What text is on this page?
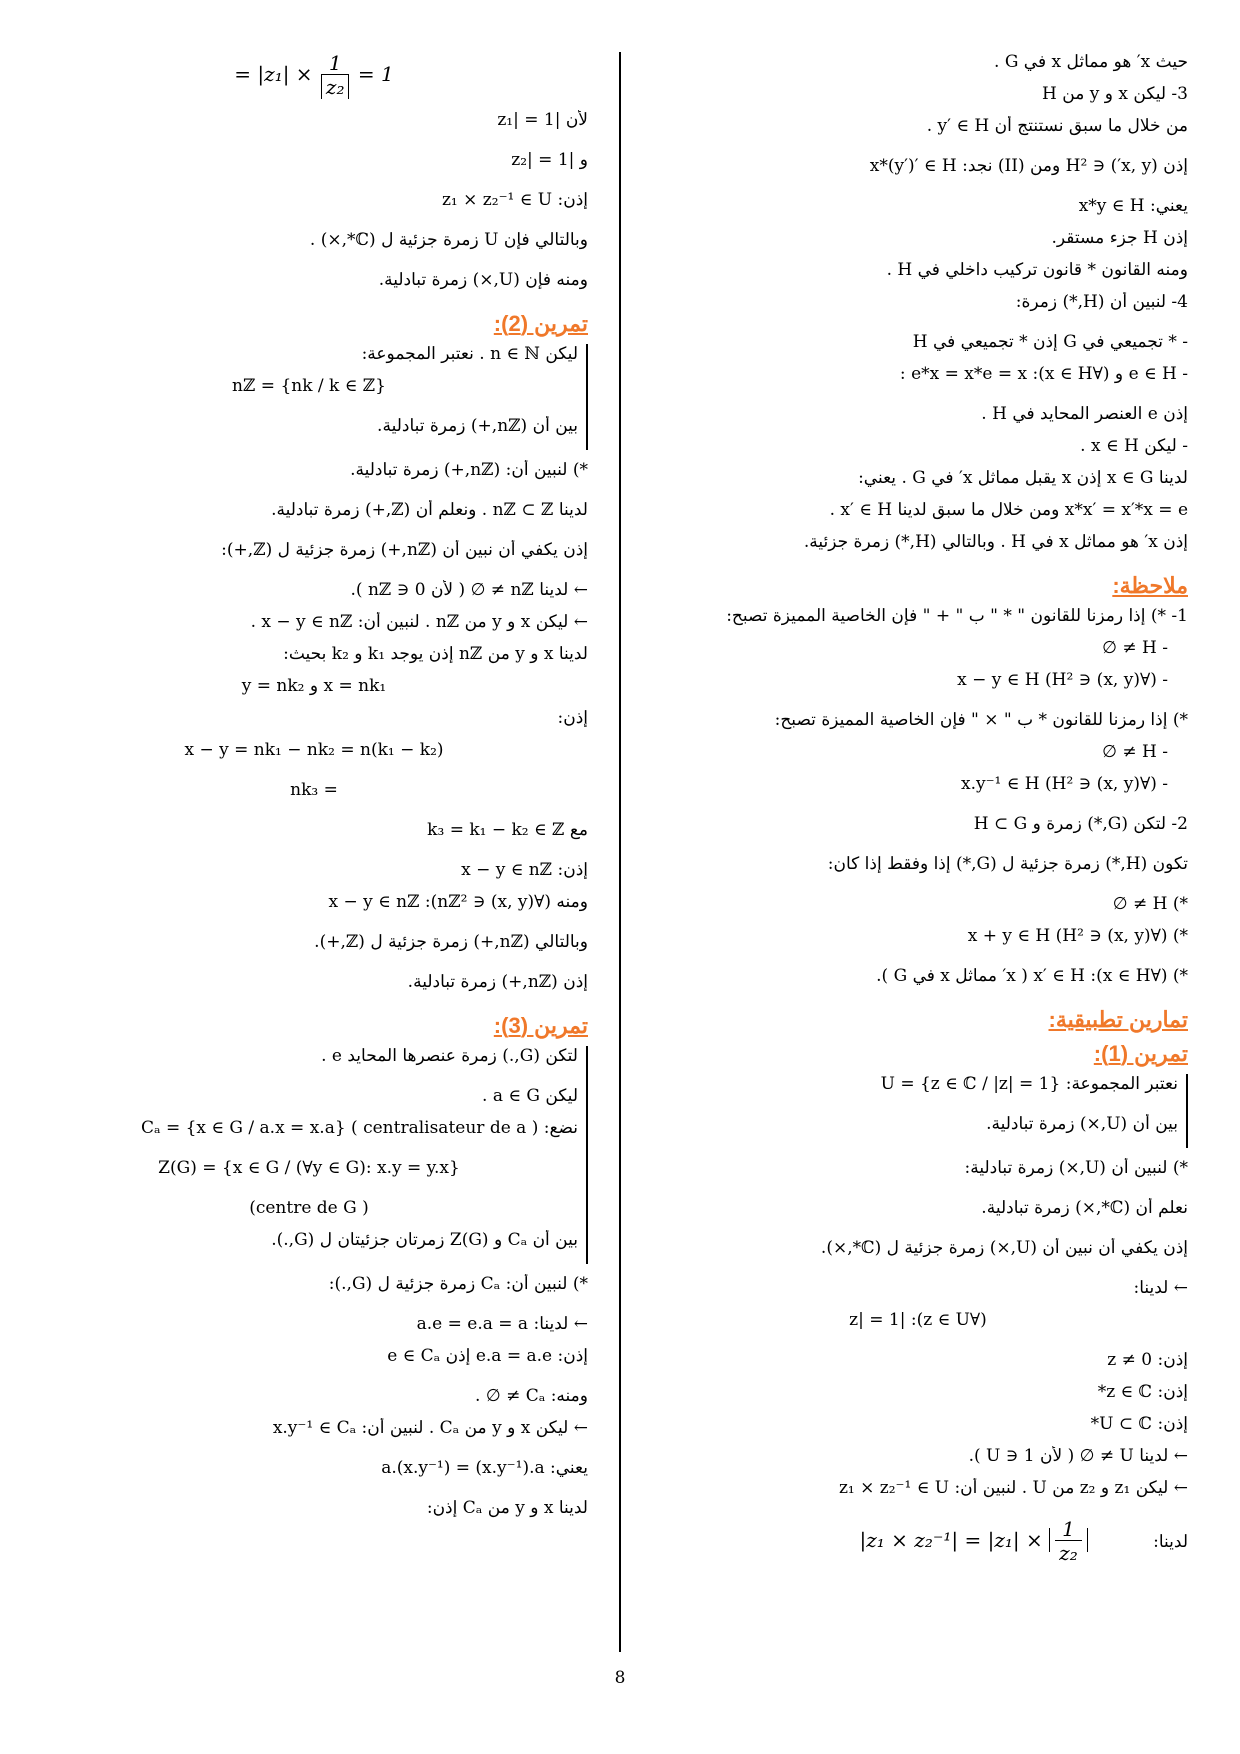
حيث x′ هو مماثل x في G .
3- ليكن x و y من H
من خلال ما سبق نستنتج أن y′ ∈ H .
إذن (x, y′) ∈ H² ومن (II) نجد: x*(y′)′ ∈ H
يعني: x*y ∈ H
إذن H جزء مستقر.
ومنه القانون * قانون تركيب داخلي في H .
4- لنبين أن (H,*) زمرة:
- * تجميعي في G إذن * تجميعي في H
- e ∈ H و (∀x ∈ H): e*x = x*e = x :
إذن e العنصر المحايد في H .
- ليكن x ∈ H .
لدينا x ∈ G إذن x يقبل مماثل x′ في G . يعني:
x*x′ = x′*x = e ومن خلال ما سبق لدينا x′ ∈ H .
إذن x′ هو مماثل x في H . وبالتالي (H,*) زمرة جزئية.
ملاحظة:
1- *) إذا رمزنا للقانون " * " ب " + " فإن الخاصية المميزة تصبح:
- H ≠ ∅
- (∀(x, y) ∈ H²) x − y ∈ H
*) إذا رمزنا للقانون * ب " × " فإن الخاصية المميزة تصبح:
- H ≠ ∅
- (∀(x, y) ∈ H²) x.y⁻¹ ∈ H
2- لتكن (G,*) زمرة و H ⊂ G
تكون (H,*) زمرة جزئية ل (G,*) إذا وفقط إذا كان:
*) H ≠ ∅
*) (∀(x, y) ∈ H²) x + y ∈ H
*) (∀x ∈ H): x′ ∈ H ( x′ مماثل x في G ).
تمارين تطبيقية:
تمرين (1):
نعتبر المجموعة: U = {z ∈ ℂ / |z| = 1}
بين أن (U,×) زمرة تبادلية.
*) لنبين أن (U,×) زمرة تبادلية:
نعلم أن (ℂ*,×) زمرة تبادلية.
إذن يكفي أن نبين أن (U,×) زمرة جزئية ل (ℂ*,×).
← لدينا:
(∀z ∈ U): |z| = 1
إذن: z ≠ 0
إذن: z ∈ ℂ*
إذن: U ⊂ ℂ*
← لدينا U ≠ ∅ ( لأن 1 ∈ U ).
← ليكن z₁ و z₂ من U . لنبين أن: z₁ × z₂⁻¹ ∈ U
لدينا: $|z_1 \times z_2^{-1}| = |z_1| \times \frac{1}{\text{z₂}}$
= $|z_1| \times \frac{1}{\text{z₂}} = 1$
لأن |z₁| = 1
و |z₂| = 1
إذن: z₁ × z₂⁻¹ ∈ U
وبالتالي فإن U زمرة جزئية ل (ℂ*,×) .
ومنه فإن (U,×) زمرة تبادلية.
تمرين (2):
ليكن n ∈ ℕ . نعتبر المجموعة:
nℤ = {nk / k ∈ ℤ}
بين أن (nℤ,+) زمرة تبادلية.
*) لنبين أن: (nℤ,+) زمرة تبادلية.
لدينا nℤ ⊂ ℤ . ونعلم أن (ℤ,+) زمرة تبادلية.
إذن يكفي أن نبين أن (nℤ,+) زمرة جزئية ل (ℤ,+):
← لدينا nℤ ≠ ∅ ( لأن 0 ∈ nℤ ).
← ليكن x و y من nℤ . لنبين أن: x − y ∈ nℤ .
لدينا x و y من nℤ إذن يوجد k₁ و k₂ بحيث:
x = nk₁ و y = nk₂
إذن:
x − y = nk₁ − nk₂ = n(k₁ − k₂)
= nk₃
مع k₃ = k₁ − k₂ ∈ ℤ
إذن: x − y ∈ nℤ
ومنه (∀(x, y) ∈ nℤ²): x − y ∈ nℤ
وبالتالي (nℤ,+) زمرة جزئية ل (ℤ,+).
إذن (nℤ,+) زمرة تبادلية.
تمرين (3):
لتكن (G,.) زمرة عنصرها المحايد e .
ليكن a ∈ G .
نضع: Cₐ = {x ∈ G / a.x = x.a} ( centralisateur de a )
Z(G) = {x ∈ G / (∀y ∈ G): x.y = y.x}
( centre de G)
بين أن Cₐ و Z(G) زمرتان جزئيتان ل (G,.).
*) لنبين أن: Cₐ زمرة جزئية ل (G,.):
← لدينا: a.e = e.a = a
إذن: e.a = a.e إذن e ∈ Cₐ
ومنه: Cₐ ≠ ∅ .
← ليكن x و y من Cₐ . لنبين أن: x.y⁻¹ ∈ Cₐ
يعني: a.(x.y⁻¹) = (x.y⁻¹).a
لدينا x و y من Cₐ إذن:
8
